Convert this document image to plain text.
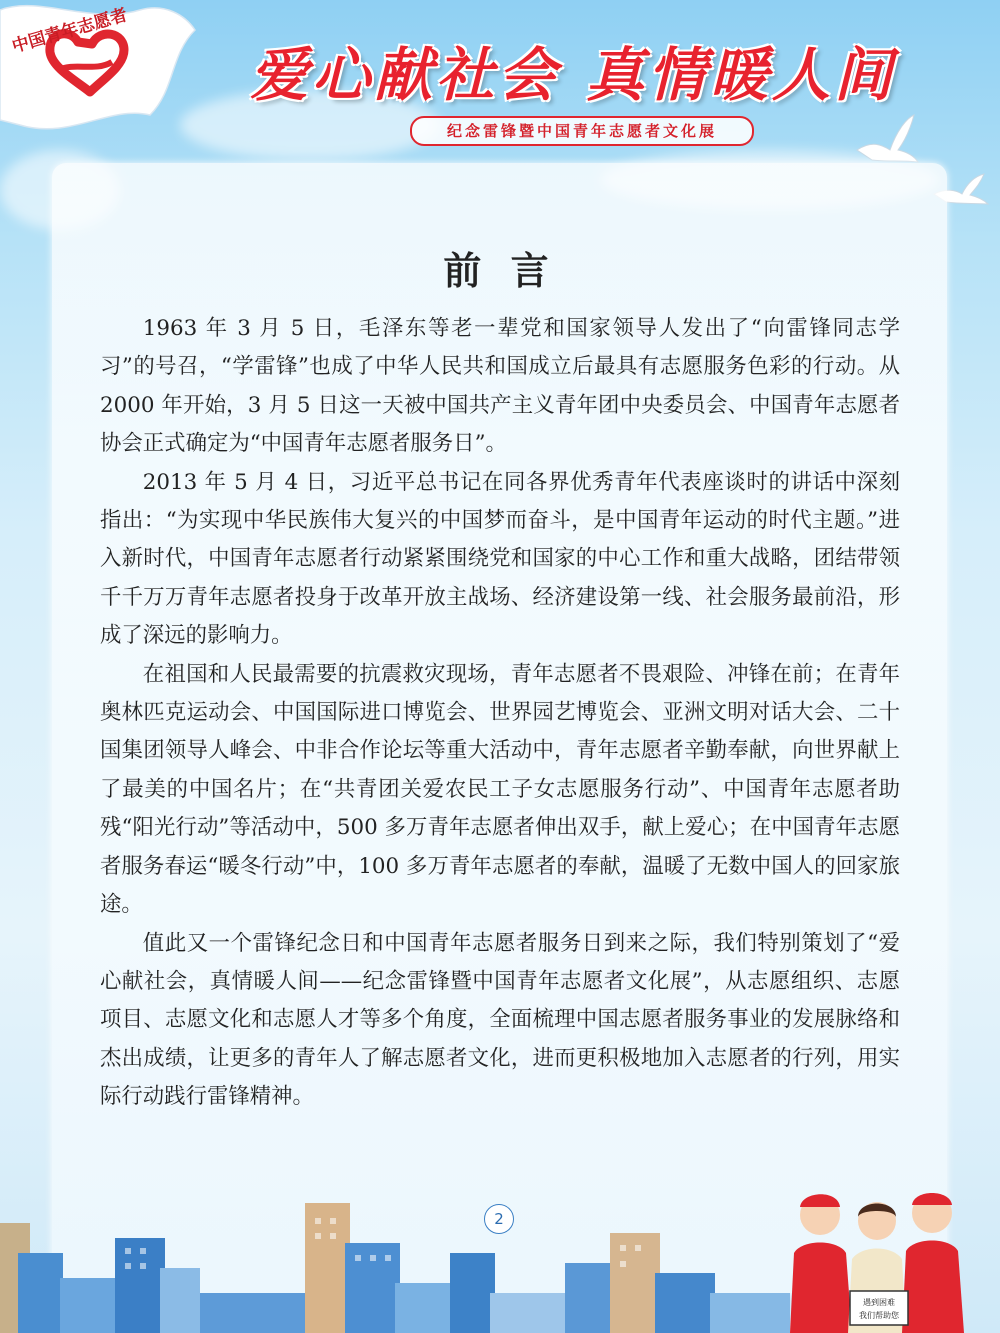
中国青年志愿者
爱心献社会 真情暖人间
纪念雷锋暨中国青年志愿者文化展
前 言

1963 年 3 月 5 日，毛泽东等老一辈党和国家领导人发出了“向雷锋同志学习”的号召，“学雷锋”也成了中华人民共和国成立后最具有志愿服务色彩的行动。从 2000 年开始，3 月 5 日这一天被中国共产主义青年团中央委员会、中国青年志愿者协会正式确定为“中国青年志愿者服务日”。

2013 年 5 月 4 日，习近平总书记在同各界优秀青年代表座谈时的讲话中深刻指出：“为实现中华民族伟大复兴的中国梦而奋斗，是中国青年运动的时代主题。”进入新时代，中国青年志愿者行动紧紧围绕党和国家的中心工作和重大战略，团结带领千千万万青年志愿者投身于改革开放主战场、经济建设第一线、社会服务最前沿，形成了深远的影响力。

在祖国和人民最需要的抗震救灾现场，青年志愿者不畏艰险、冲锋在前；在青年奥林匹克运动会、中国国际进口博览会、世界园艺博览会、亚洲文明对话大会、二十国集团领导人峰会、中非合作论坛等重大活动中，青年志愿者辛勤奉献，向世界献上了最美的中国名片；在“共青团关爱农民工子女志愿服务行动”、中国青年志愿者助残“阳光行动”等活动中，500 多万青年志愿者伸出双手，献上爱心；在中国青年志愿者服务春运“暖冬行动”中，100 多万青年志愿者的奉献，温暖了无数中国人的回家旅途。

值此又一个雷锋纪念日和中国青年志愿者服务日到来之际，我们特别策划了“爱心献社会，真情暖人间——纪念雷锋暨中国青年志愿者文化展”，从志愿组织、志愿项目、志愿文化和志愿人才等多个角度，全面梳理中国志愿者服务事业的发展脉络和杰出成绩，让更多的青年人了解志愿者文化，进而更积极地加入志愿者的行列，用实际行动践行雷锋精神。

2
遇到困难
我们帮助您
